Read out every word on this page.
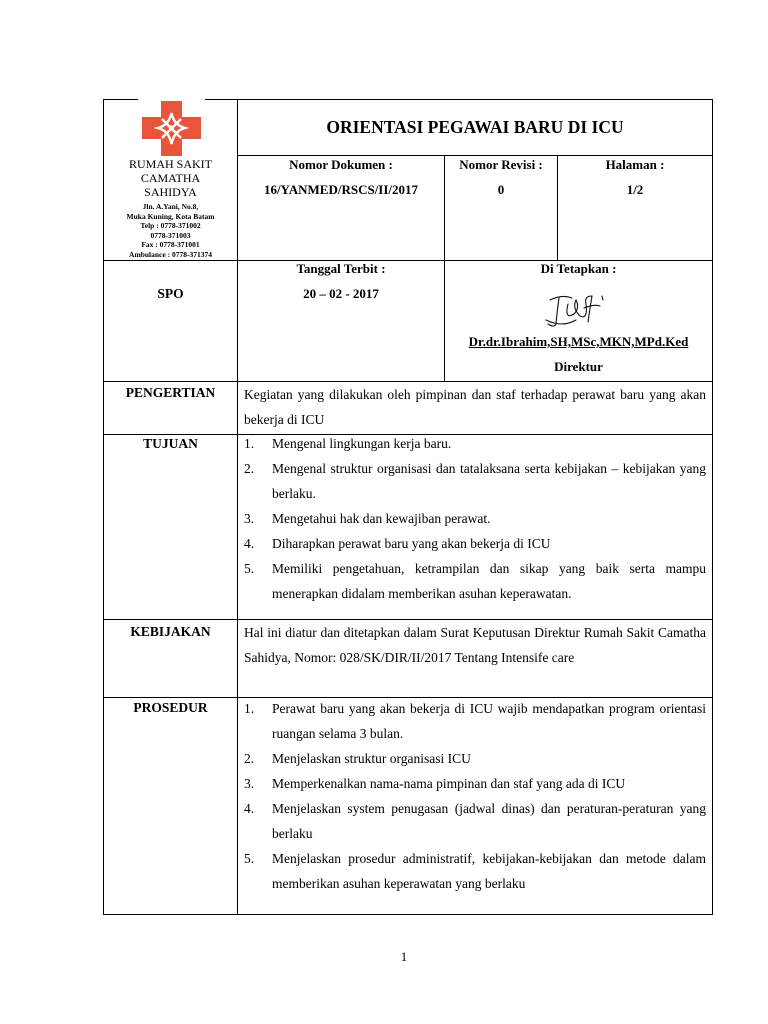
RUMAH SAKIT
CAMATHA
SAHIDYA
Jln. A.Yani, No.8,
Muka Kuning, Kota Batam
Telp : 0778-371002
0778-371003
Fax : 0778-371001
Ambulance : 0778-371374
ORIENTASI PEGAWAI BARU DI ICU
Nomor Dokumen :
16/YANMED/RSCS/II/2017
Nomor Revisi :
0
Halaman :
1/2
SPO
Tanggal Terbit :
20 – 02 - 2017
Di Tetapkan :
Dr.dr.Ibrahim,SH,MSc,MKN,MPd.Ked
Direktur
PENGERTIAN	Kegiatan yang dilakukan oleh pimpinan dan staf terhadap perawat baru yang akan bekerja di ICU
TUJUAN	1. Mengenal lingkungan kerja baru.
2. Mengenal struktur organisasi dan tatalaksana serta kebijakan – kebijakan yang berlaku.
3. Mengetahui hak dan kewajiban perawat.
4. Diharapkan perawat baru yang akan bekerja di ICU
5. Memiliki pengetahuan, ketrampilan dan sikap yang baik serta mampu menerapkan didalam memberikan asuhan keperawatan.
KEBIJAKAN	Hal ini diatur dan ditetapkan dalam Surat Keputusan Direktur Rumah Sakit Camatha Sahidya, Nomor: 028/SK/DIR/II/2017 Tentang Intensife care
PROSEDUR	1. Perawat baru yang akan bekerja di ICU wajib mendapatkan program orientasi ruangan selama 3 bulan.
2. Menjelaskan struktur organisasi ICU
3. Memperkenalkan nama-nama pimpinan dan staf yang ada di ICU
4. Menjelaskan system penugasan (jadwal dinas) dan peraturan-peraturan yang berlaku
5. Menjelaskan prosedur administratif, kebijakan-kebijakan dan metode dalam memberikan asuhan keperawatan yang berlaku
1
